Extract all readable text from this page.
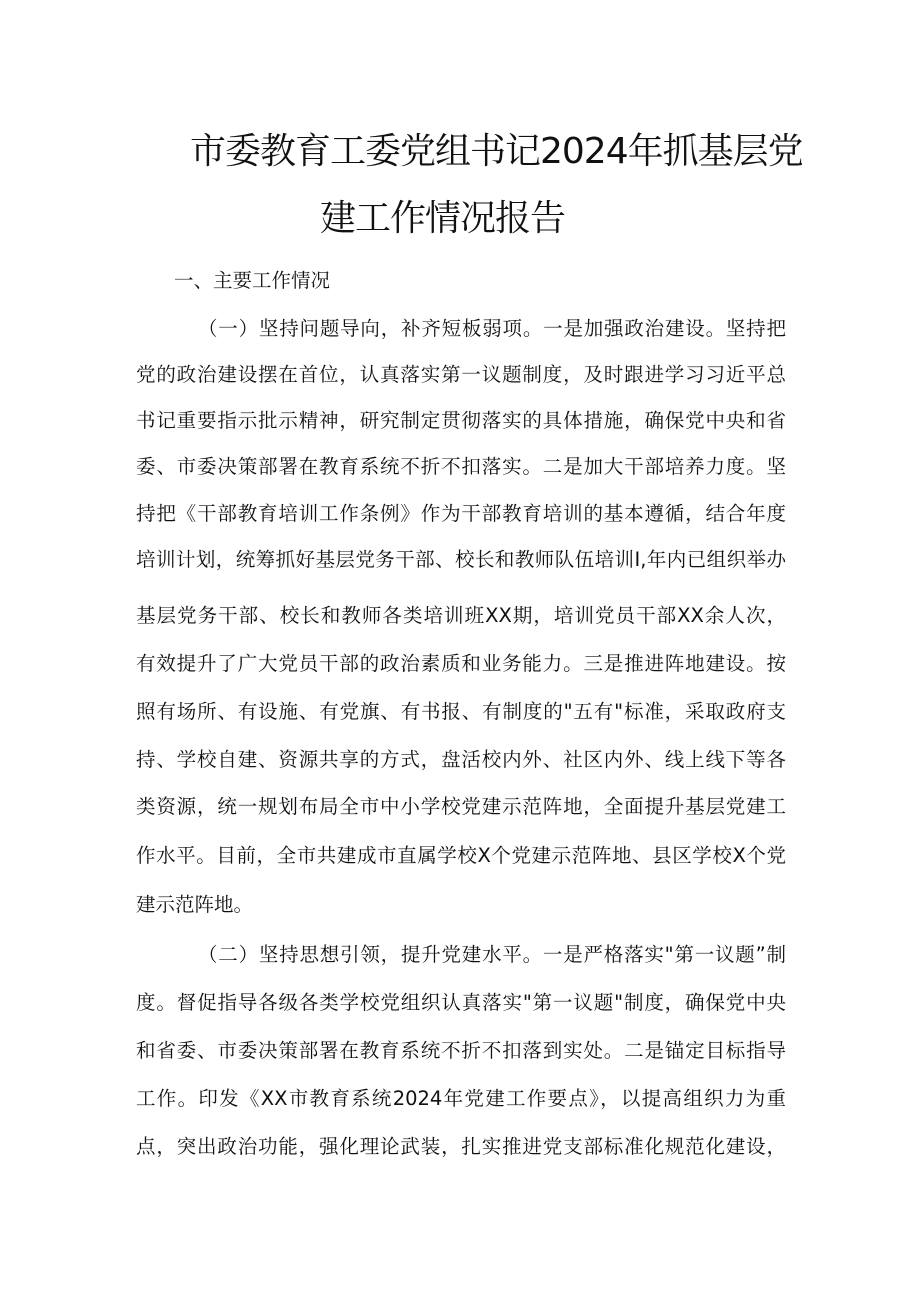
市委教育工委党组书记2024年抓基层党
建工作情况报告

一、主要工作情况

（一）坚持问题导向，补齐短板弱项。一是加强政治建设。坚持把

党的政治建设摆在首位，认真落实第一议题制度，及时跟进学习习近平总

书记重要指示批示精神，研究制定贯彻落实的具体措施，确保党中央和省

委、市委决策部署在教育系统不折不扣落实。二是加大干部培养力度。坚

持把《干部教育培训工作条例》作为干部教育培训的基本遵循，结合年度

培训计划，统筹抓好基层党务干部、校长和教师队伍培训I,年内已组织举办

基层党务干部、校长和教师各类培训班XX期，培训党员干部XX余人次，

有效提升了广大党员干部的政治素质和业务能力。三是推进阵地建设。按

照有场所、有设施、有党旗、有书报、有制度的"五有"标准，采取政府支

持、学校自建、资源共享的方式，盘活校内外、社区内外、线上线下等各

类资源，统一规划布局全市中小学校党建示范阵地，全面提升基层党建工

作水平。目前，全市共建成市直属学校X个党建示范阵地、县区学校X个党

建示范阵地。

（二）坚持思想引领，提升党建水平。一是严格落实"第一议题”制

度。督促指导各级各类学校党组织认真落实"第一议题"制度，确保党中央

和省委、市委决策部署在教育系统不折不扣落到实处。二是锚定目标指导

工作。印发《XX市教育系统2024年党建工作要点》，以提高组织力为重

点，突出政治功能，强化理论武装，扎实推进党支部标准化规范化建设，
